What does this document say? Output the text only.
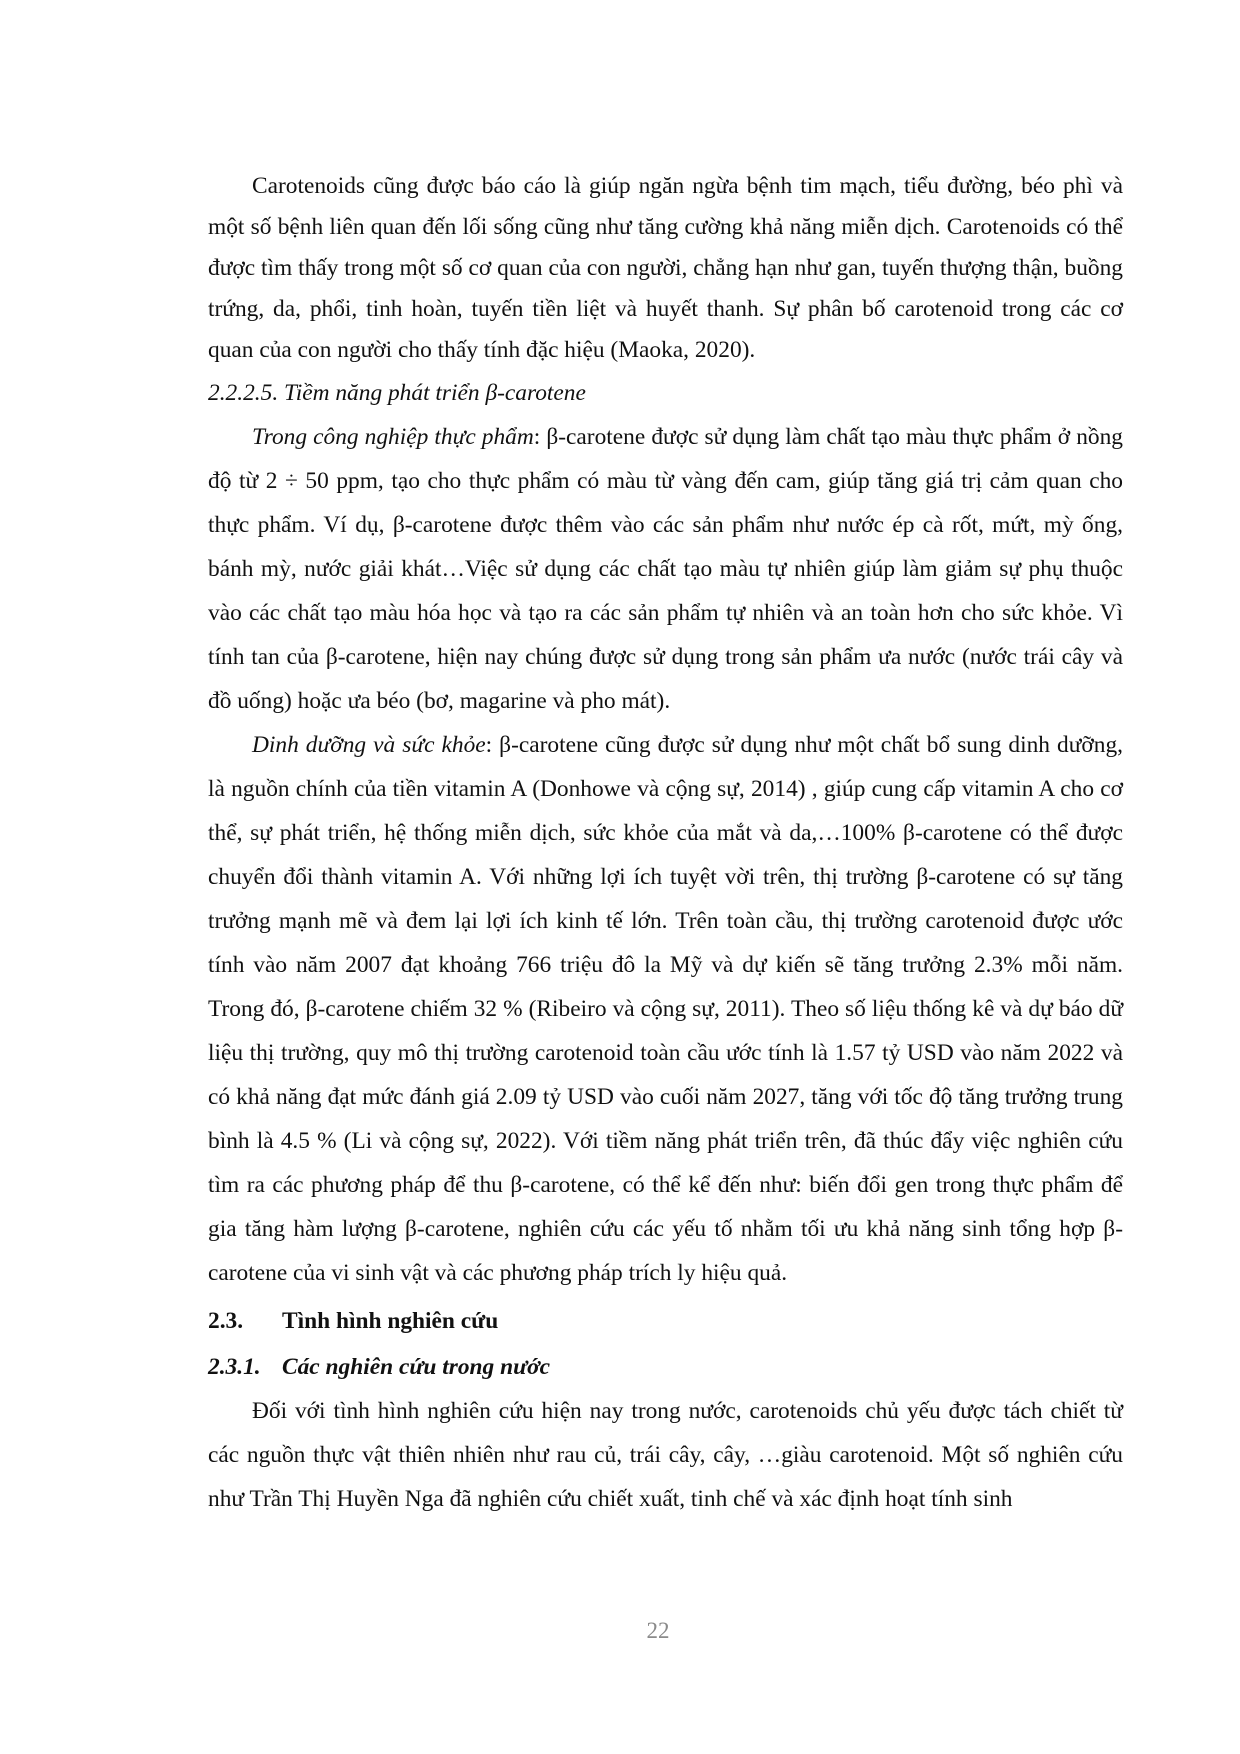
Carotenoids cũng được báo cáo là giúp ngăn ngừa bệnh tim mạch, tiểu đường, béo phì và một số bệnh liên quan đến lối sống cũng như tăng cường khả năng miễn dịch. Carotenoids có thể được tìm thấy trong một số cơ quan của con người, chẳng hạn như gan, tuyến thượng thận, buồng trứng, da, phổi, tinh hoàn, tuyến tiền liệt và huyết thanh. Sự phân bố carotenoid trong các cơ quan của con người cho thấy tính đặc hiệu (Maoka, 2020).

2.2.2.5. Tiềm năng phát triển β-carotene

Trong công nghiệp thực phẩm: β-carotene được sử dụng làm chất tạo màu thực phẩm ở nồng độ từ 2 ÷ 50 ppm, tạo cho thực phẩm có màu từ vàng đến cam, giúp tăng giá trị cảm quan cho thực phẩm. Ví dụ, β-carotene được thêm vào các sản phẩm như nước ép cà rốt, mứt, mỳ ống, bánh mỳ, nước giải khát…Việc sử dụng các chất tạo màu tự nhiên giúp làm giảm sự phụ thuộc vào các chất tạo màu hóa học và tạo ra các sản phẩm tự nhiên và an toàn hơn cho sức khỏe. Vì tính tan của β-carotene, hiện nay chúng được sử dụng trong sản phẩm ưa nước (nước trái cây và đồ uống) hoặc ưa béo (bơ, magarine và pho mát).

Dinh dưỡng và sức khỏe: β-carotene cũng được sử dụng như một chất bổ sung dinh dưỡng, là nguồn chính của tiền vitamin A (Donhowe và cộng sự, 2014) , giúp cung cấp vitamin A cho cơ thể, sự phát triển, hệ thống miễn dịch, sức khỏe của mắt và da,…100% β-carotene có thể được chuyển đổi thành vitamin A. Với những lợi ích tuyệt vời trên, thị trường β-carotene có sự tăng trưởng mạnh mẽ và đem lại lợi ích kinh tế lớn. Trên toàn cầu, thị trường carotenoid được ước tính vào năm 2007 đạt khoảng 766 triệu đô la Mỹ và dự kiến sẽ tăng trưởng 2.3% mỗi năm. Trong đó, β-carotene chiếm 32 % (Ribeiro và cộng sự, 2011). Theo số liệu thống kê và dự báo dữ liệu thị trường, quy mô thị trường carotenoid toàn cầu ước tính là 1.57 tỷ USD vào năm 2022 và có khả năng đạt mức đánh giá 2.09 tỷ USD vào cuối năm 2027, tăng với tốc độ tăng trưởng trung bình là 4.5 % (Li và cộng sự, 2022). Với tiềm năng phát triển trên, đã thúc đẩy việc nghiên cứu tìm ra các phương pháp để thu β-carotene, có thể kể đến như: biến đổi gen trong thực phẩm để gia tăng hàm lượng β-carotene, nghiên cứu các yếu tố nhằm tối ưu khả năng sinh tổng hợp β-carotene của vi sinh vật và các phương pháp trích ly hiệu quả.

2.3. Tình hình nghiên cứu

2.3.1. Các nghiên cứu trong nước

Đối với tình hình nghiên cứu hiện nay trong nước, carotenoids chủ yếu được tách chiết từ các nguồn thực vật thiên nhiên như rau củ, trái cây, cây, …giàu carotenoid. Một số nghiên cứu như Trần Thị Huyền Nga đã nghiên cứu chiết xuất, tinh chế và xác định hoạt tính sinh

22
